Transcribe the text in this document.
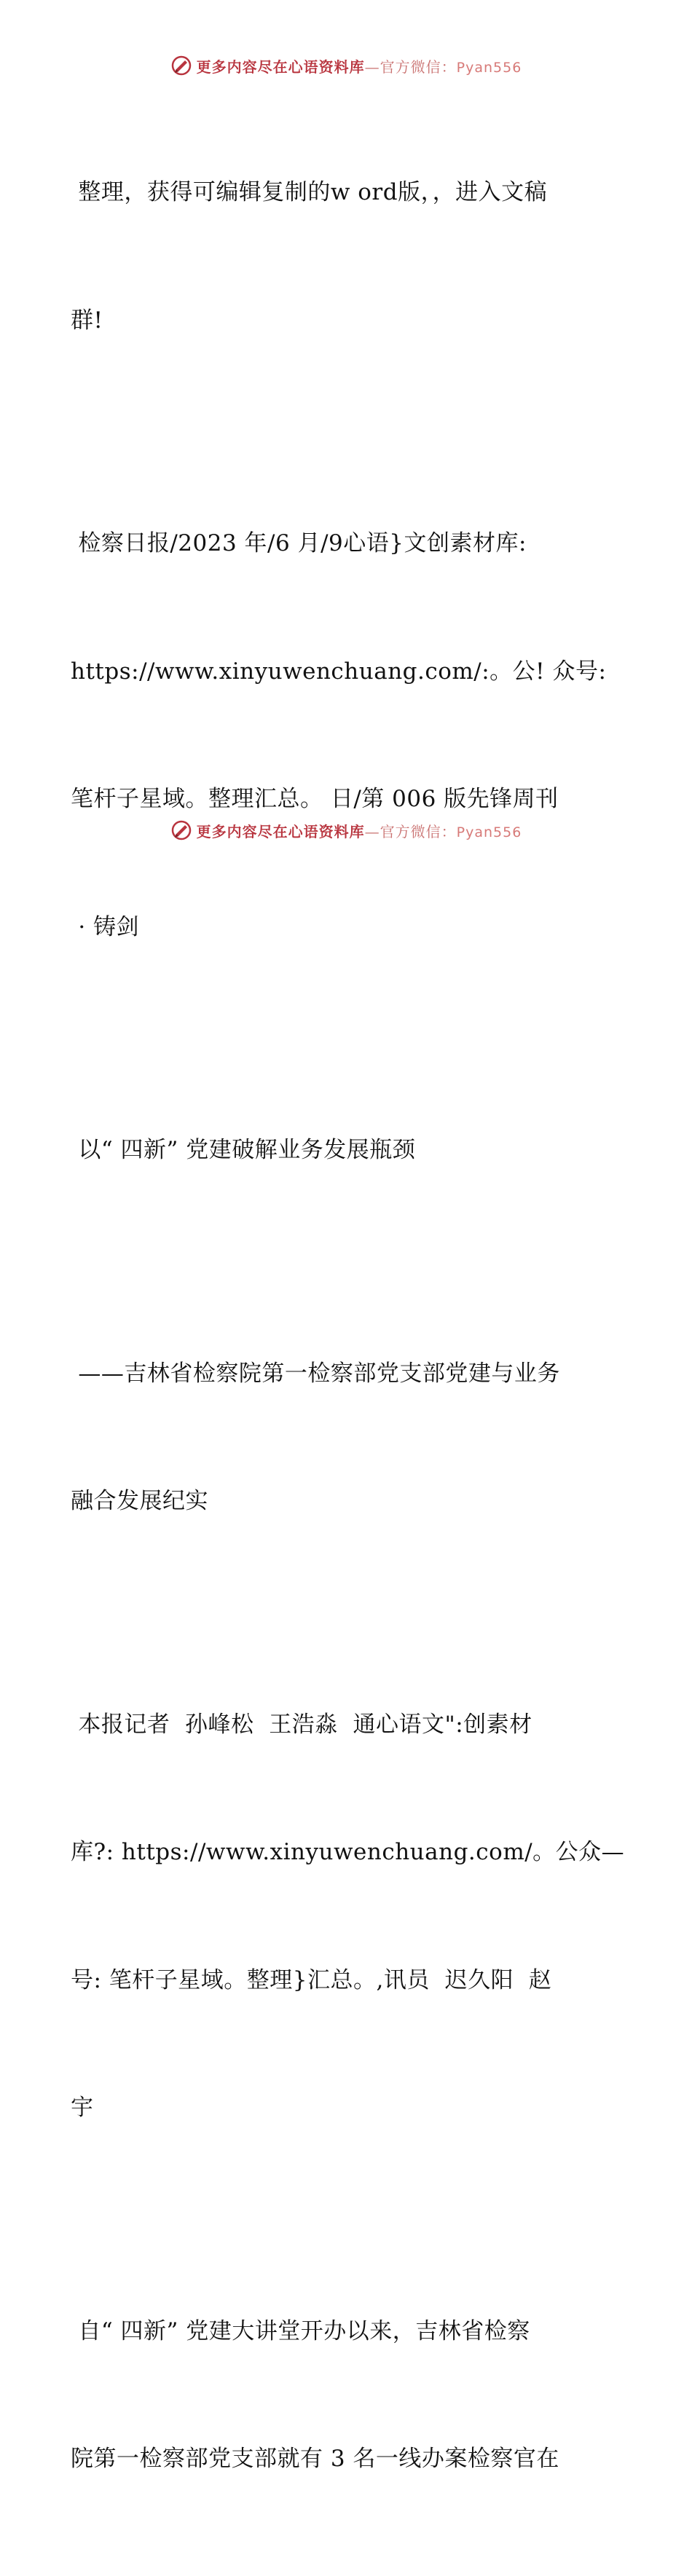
更多内容尽在心语资料库—官方微信：Pyan556

整理，获得可编辑复制的w ord版，，进入文稿

群!

检察日报/2023 年/6 月/9心语}文创素材库:

https://www.xinyuwenchuang.com/:。公! 众号:

笔杆子星域。整理汇总。 日/第 006 版先锋周刊

· 铸剑

以“ 四新” 党建破解业务发展瓶颈

——吉林省检察院第一检察部党支部党建与业务

融合发展纪实

本报记者  孙峰松  王浩淼  通心语文":创素材

库?: https://www.xinyuwenchuang.com/。公众—

号: 笔杆子星域。整理}汇总。,讯员  迟久阳  赵

宇

自“ 四新” 党建大讲堂开办以来，吉林省检察

院第一检察部党支部就有 3 名一线办案检察官在

更多内容尽在心语资料库—官方微信：Pyan556
